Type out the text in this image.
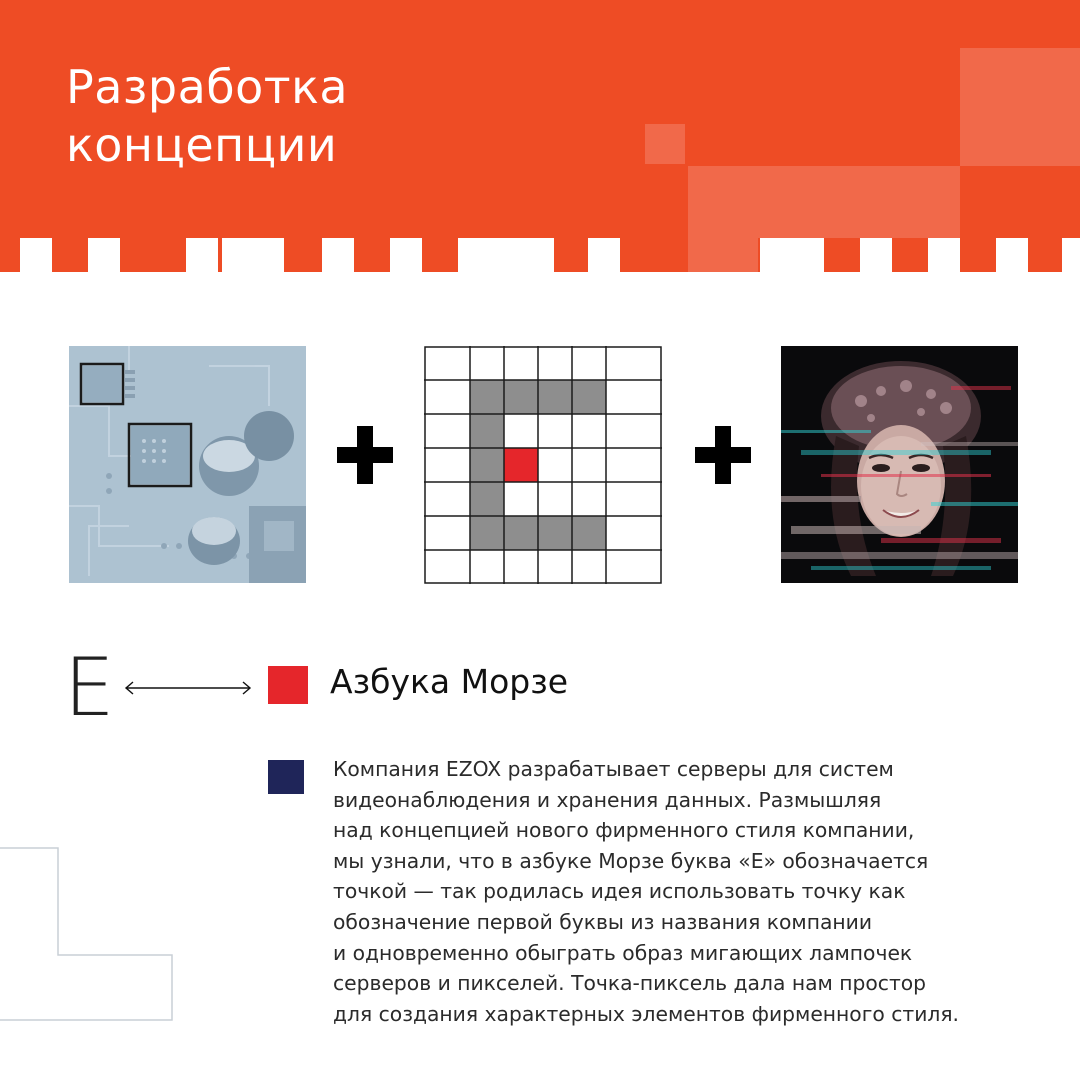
Разработка
концепции
E	Азбука Морзе

Компания EZOX разрабатывает серверы для систем
видеонаблюдения и хранения данных. Размышляя
над концепцией нового фирменного стиля компании,
мы узнали, что в азбуке Морзе буква «Е» обозначается
точкой — так родилась идея использовать точку как
обозначение первой буквы из названия компании
и одновременно обыграть образ мигающих лампочек
серверов и пикселей. Точка-пиксель дала нам простор
для создания характерных элементов фирменного стиля.
